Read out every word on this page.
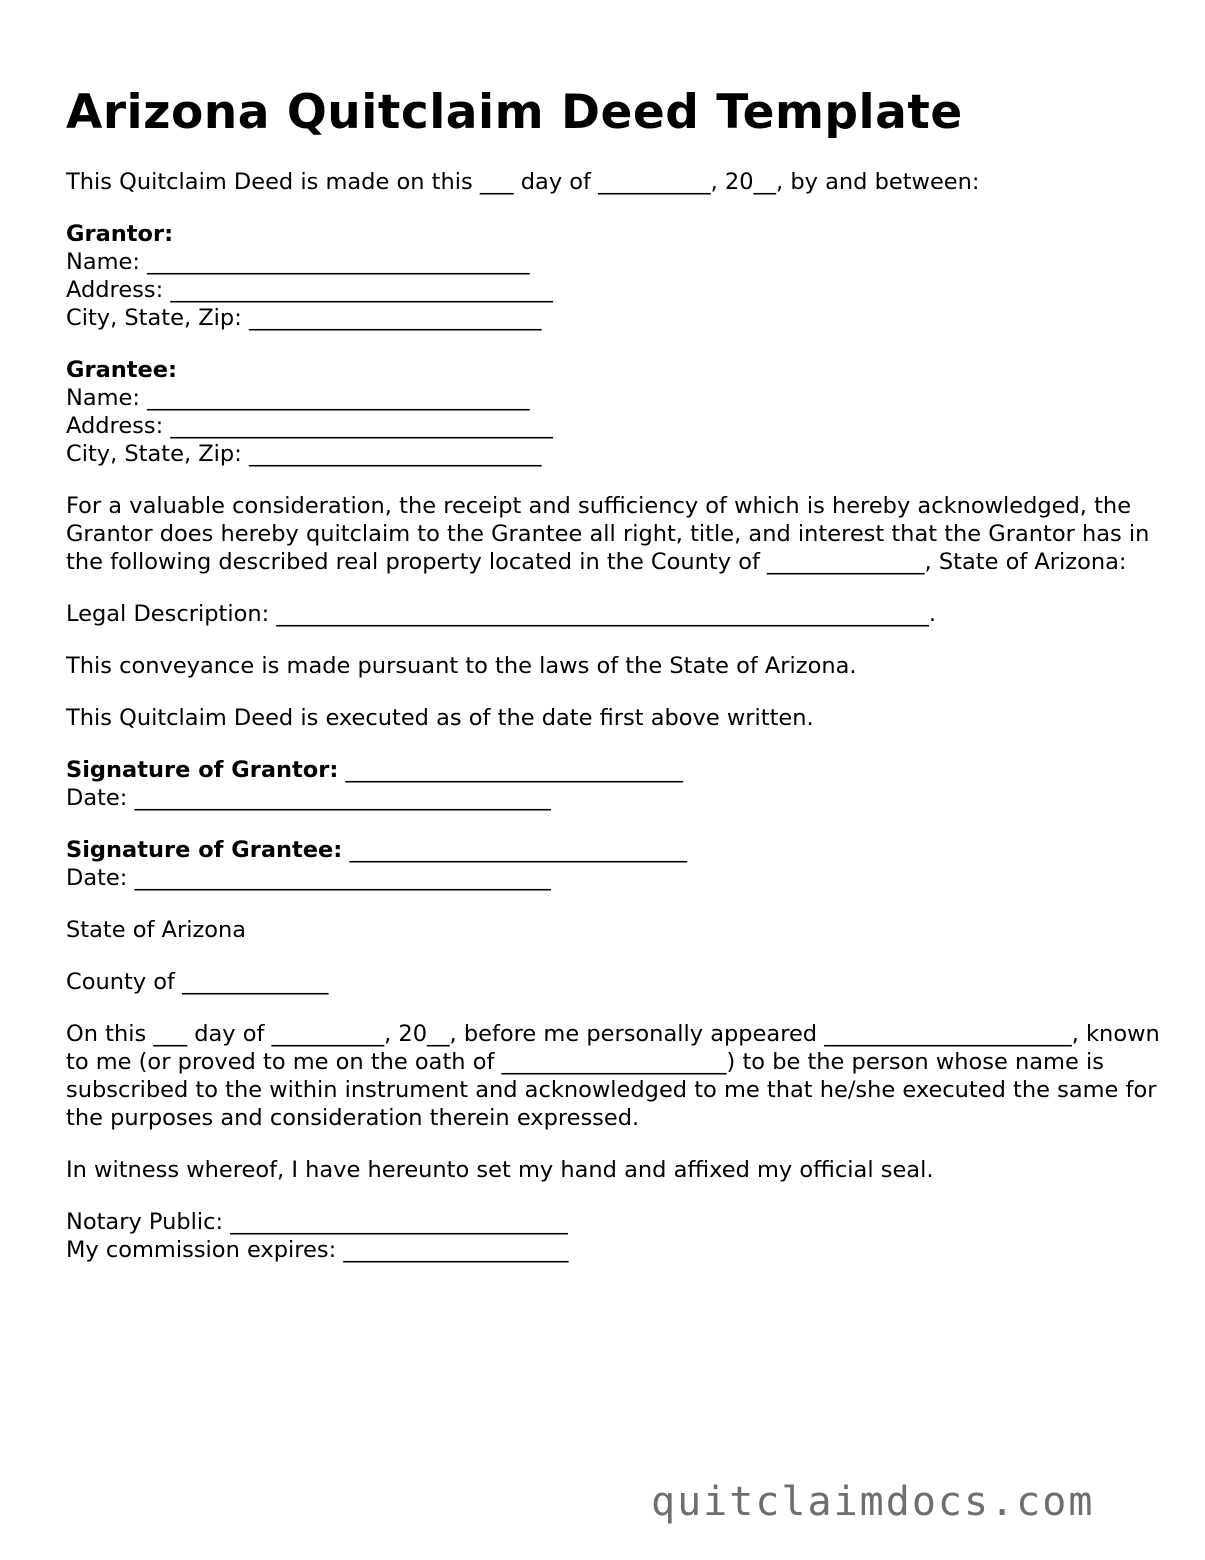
Arizona Quitclaim Deed Template

This Quitclaim Deed is made on this ___ day of __________, 20__, by and between:

Grantor:
Name: __________________________________
Address: __________________________________
City, State, Zip: __________________________
Grantee:
Name: __________________________________
Address: __________________________________
City, State, Zip: __________________________

For a valuable consideration, the receipt and sufficiency of which is hereby acknowledged, the Grantor does hereby quitclaim to the Grantee all right, title, and interest that the Grantor has in the following described real property located in the County of ______________, State of Arizona:

Legal Description: __________________________________________________________.

This conveyance is made pursuant to the laws of the State of Arizona.

This Quitclaim Deed is executed as of the date first above written.

Signature of Grantor: ______________________________
Date: _____________________________________
Signature of Grantee: ______________________________
Date: _____________________________________

State of Arizona

County of _____________

On this ___ day of __________, 20__, before me personally appeared ______________________, known to me (or proved to me on the oath of ____________________) to be the person whose name is subscribed to the within instrument and acknowledged to me that he/she executed the same for the purposes and consideration therein expressed.

In witness whereof, I have hereunto set my hand and affixed my official seal.

Notary Public: ______________________________
My commission expires: ____________________
quitclaimdocs.com
